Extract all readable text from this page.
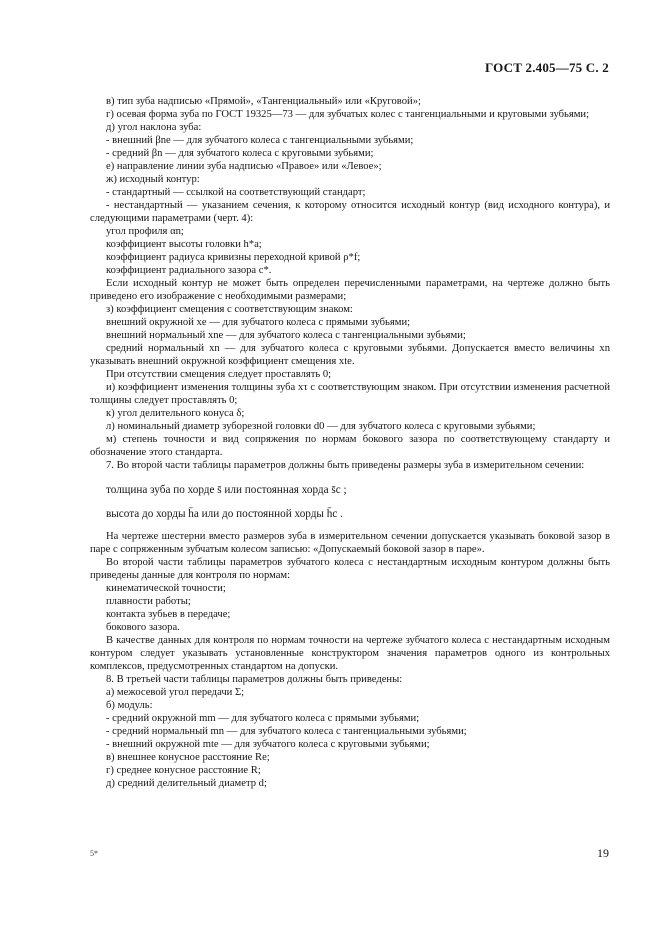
ГОСТ 2.405—75 С. 2

в) тип зуба надписью «Прямой», «Тангенциальный» или «Круговой»;

г) осевая форма зуба по ГОСТ 19325—73 — для зубчатых колес с тангенциальными и круговыми зубьями;

д) угол наклона зуба:

- внешний βne — для зубчатого колеса с тангенциальными зубьями;

- средний βn — для зубчатого колеса с круговыми зубьями;

е) направление линии зуба надписью «Правое» или «Левое»;

ж) исходный контур:

- стандартный — ссылкой на соответствующий стандарт;

- нестандартный — указанием сечения, к которому относится исходный контур (вид исходного контура), и следующими параметрами (черт. 4):

угол профиля αn;

коэффициент высоты головки h*a;

коэффициент радиуса кривизны переходной кривой ρ*f;

коэффициент радиального зазора c*.

Если исходный контур не может быть определен перечисленными параметрами, на чертеже должно быть приведено его изображение с необходимыми размерами;

з) коэффициент смещения с соответствующим знаком:

внешний окружной xe — для зубчатого колеса с прямыми зубьями;

внешний нормальный xne — для зубчатого колеса с тангенциальными зубьями;

средний нормальный xn — для зубчатого колеса с круговыми зубьями. Допускается вместо величины xn указывать внешний окружной коэффициент смещения xte.

При отсутствии смещения следует проставлять 0;

и) коэффициент изменения толщины зуба xτ с соответствующим знаком. При отсутствии изменения расчетной толщины следует проставлять 0;

к) угол делительного конуса δ;

л) номинальный диаметр зуборезной головки d0 — для зубчатого колеса с круговыми зубьями;

м) степень точности и вид сопряжения по нормам бокового зазора по соответствующему стандарту и обозначение этого стандарта.

7. Во второй части таблицы параметров должны быть приведены размеры зуба в измерительном сечении:

толщина зуба по хорде s̄ или постоянная хорда s̄c ;

высота до хорды h̄a или до постоянной хорды h̄c .

На чертеже шестерни вместо размеров зуба в измерительном сечении допускается указывать боковой зазор в паре с сопряженным зубчатым колесом записью: «Допускаемый боковой зазор в паре».

Во второй части таблицы параметров зубчатого колеса с нестандартным исходным контуром должны быть приведены данные для контроля по нормам:

кинематической точности;

плавности работы;

контакта зубьев в передаче;

бокового зазора.

В качестве данных для контроля по нормам точности на чертеже зубчатого колеса с нестандартным исходным контуром следует указывать установленные конструктором значения параметров одного из контрольных комплексов, предусмотренных стандартом на допуски.

8. В третьей части таблицы параметров должны быть приведены:

а) межосевой угол передачи Σ;

б) модуль:

- средний окружной mm — для зубчатого колеса с прямыми зубьями;

- средний нормальный mn — для зубчатого колеса с тангенциальными зубьями;

- внешний окружной mte — для зубчатого колеса с круговыми зубьями;

в) внешнее конусное расстояние Re;

г) среднее конусное расстояние R;

д) средний делительный диаметр d;

5*	19
